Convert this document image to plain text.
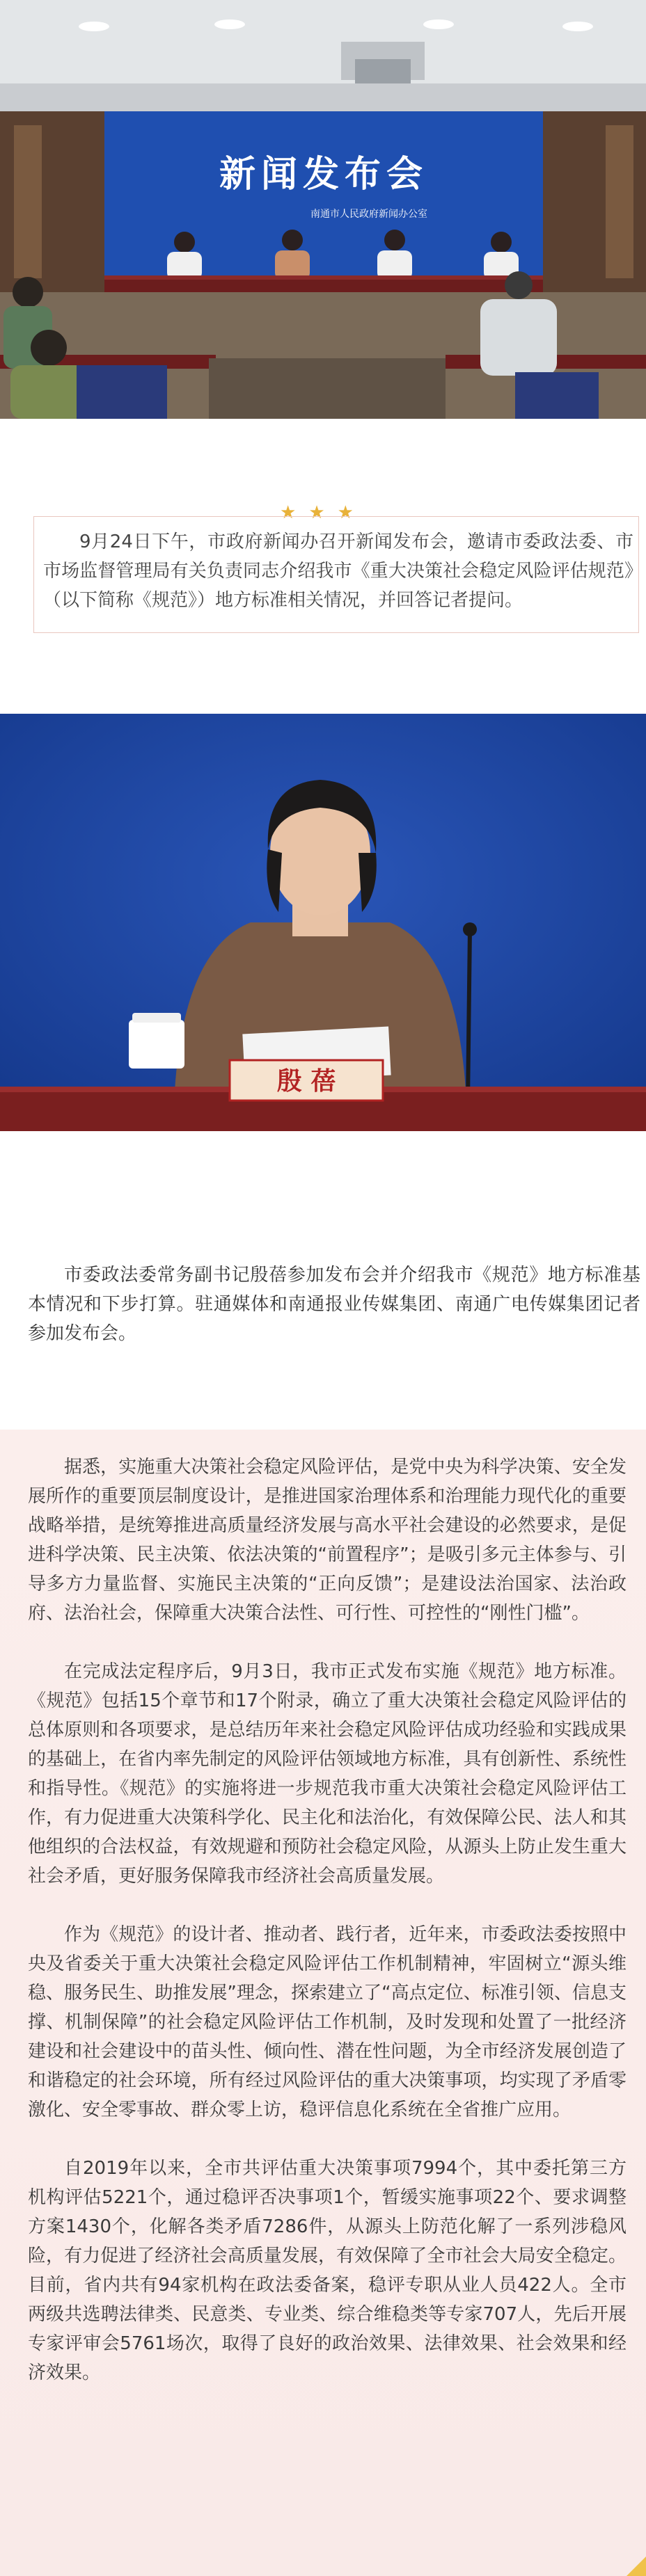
新闻发布会
南通市人民政府新闻办公室
★★★
9月24日下午，市政府新闻办召开新闻发布会，邀请市委政法委、市市场监督管理局有关负责同志介绍我市《重大决策社会稳定风险评估规范》（以下简称《规范》）地方标准相关情况，并回答记者提问。
殷 蓓
市委政法委常务副书记殷蓓参加发布会并介绍我市《规范》地方标准基本情况和下步打算。驻通媒体和南通报业传媒集团、南通广电传媒集团记者参加发布会。

据悉，实施重大决策社会稳定风险评估，是党中央为科学决策、安全发展所作的重要顶层制度设计，是推进国家治理体系和治理能力现代化的重要战略举措，是统筹推进高质量经济发展与高水平社会建设的必然要求，是促进科学决策、民主决策、依法决策的“前置程序”；是吸引多元主体参与、引导多方力量监督、实施民主决策的“正向反馈”；是建设法治国家、法治政府、法治社会，保障重大决策合法性、可行性、可控性的“刚性门槛”。

在完成法定程序后，9月3日，我市正式发布实施《规范》地方标准。《规范》包括15个章节和17个附录，确立了重大决策社会稳定风险评估的总体原则和各项要求，是总结历年来社会稳定风险评估成功经验和实践成果的基础上，在省内率先制定的风险评估领域地方标准，具有创新性、系统性和指导性。《规范》的实施将进一步规范我市重大决策社会稳定风险评估工作，有力促进重大决策科学化、民主化和法治化，有效保障公民、法人和其他组织的合法权益，有效规避和预防社会稳定风险，从源头上防止发生重大社会矛盾，更好服务保障我市经济社会高质量发展。

作为《规范》的设计者、推动者、践行者，近年来，市委政法委按照中央及省委关于重大决策社会稳定风险评估工作机制精神，牢固树立“源头维稳、服务民生、助推发展”理念，探索建立了“高点定位、标准引领、信息支撑、机制保障”的社会稳定风险评估工作机制，及时发现和处置了一批经济建设和社会建设中的苗头性、倾向性、潜在性问题，为全市经济发展创造了和谐稳定的社会环境，所有经过风险评估的重大决策事项，均实现了矛盾零激化、安全零事故、群众零上访，稳评信息化系统在全省推广应用。

自2019年以来，全市共评估重大决策事项7994个，其中委托第三方机构评估5221个，通过稳评否决事项1个，暂缓实施事项22个、要求调整方案1430个，化解各类矛盾7286件，从源头上防范化解了一系列涉稳风险，有力促进了经济社会高质量发展，有效保障了全市社会大局安全稳定。目前，省内共有94家机构在政法委备案，稳评专职从业人员422人。全市两级共选聘法律类、民意类、专业类、综合维稳类等专家707人，先后开展专家评审会5761场次，取得了良好的政治效果、法律效果、社会效果和经济效果。
